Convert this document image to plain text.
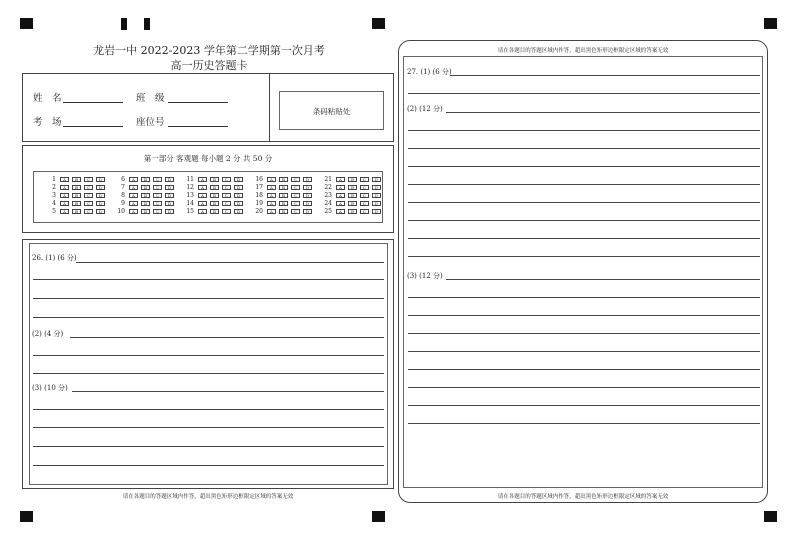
龙岩一中 2022-2023 学年第二学期第一次月考
高一历史答题卡
姓　名	班　级
考　场	座位号
条码粘贴处
第一部分 客观题 每小题 2 分 共 50 分
1	A	B	C	D
2	A	B	C	D
3	A	B	C	D
4	A	B	C	D
5	A	B	C	D
6	A	B	C	D
7	A	B	C	D
8	A	B	C	D
9	A	B	C	D
10	A	B	C	D
11	A	B	C	D
12	A	B	C	D
13	A	B	C	D
14	A	B	C	D
15	A	B	C	D
16	A	B	C	D
17	A	B	C	D
18	A	B	C	D
19	A	B	C	D
20	A	B	C	D
21	A	B	C	D
22	A	B	C	D
23	A	B	C	D
24	A	B	C	D
25	A	B	C	D
26. (1) (6 分)
(2) (4 分)
(3) (10 分)
请在各题目的答题区域内作答，超出黑色矩形边框限定区域的答案无效
请在各题目的答题区域内作答，超出黑色矩形边框限定区域的答案无效
27. (1) (6 分)
(2) (12 分)
(3) (12 分)
请在各题目的答题区域内作答，超出黑色矩形边框限定区域的答案无效
